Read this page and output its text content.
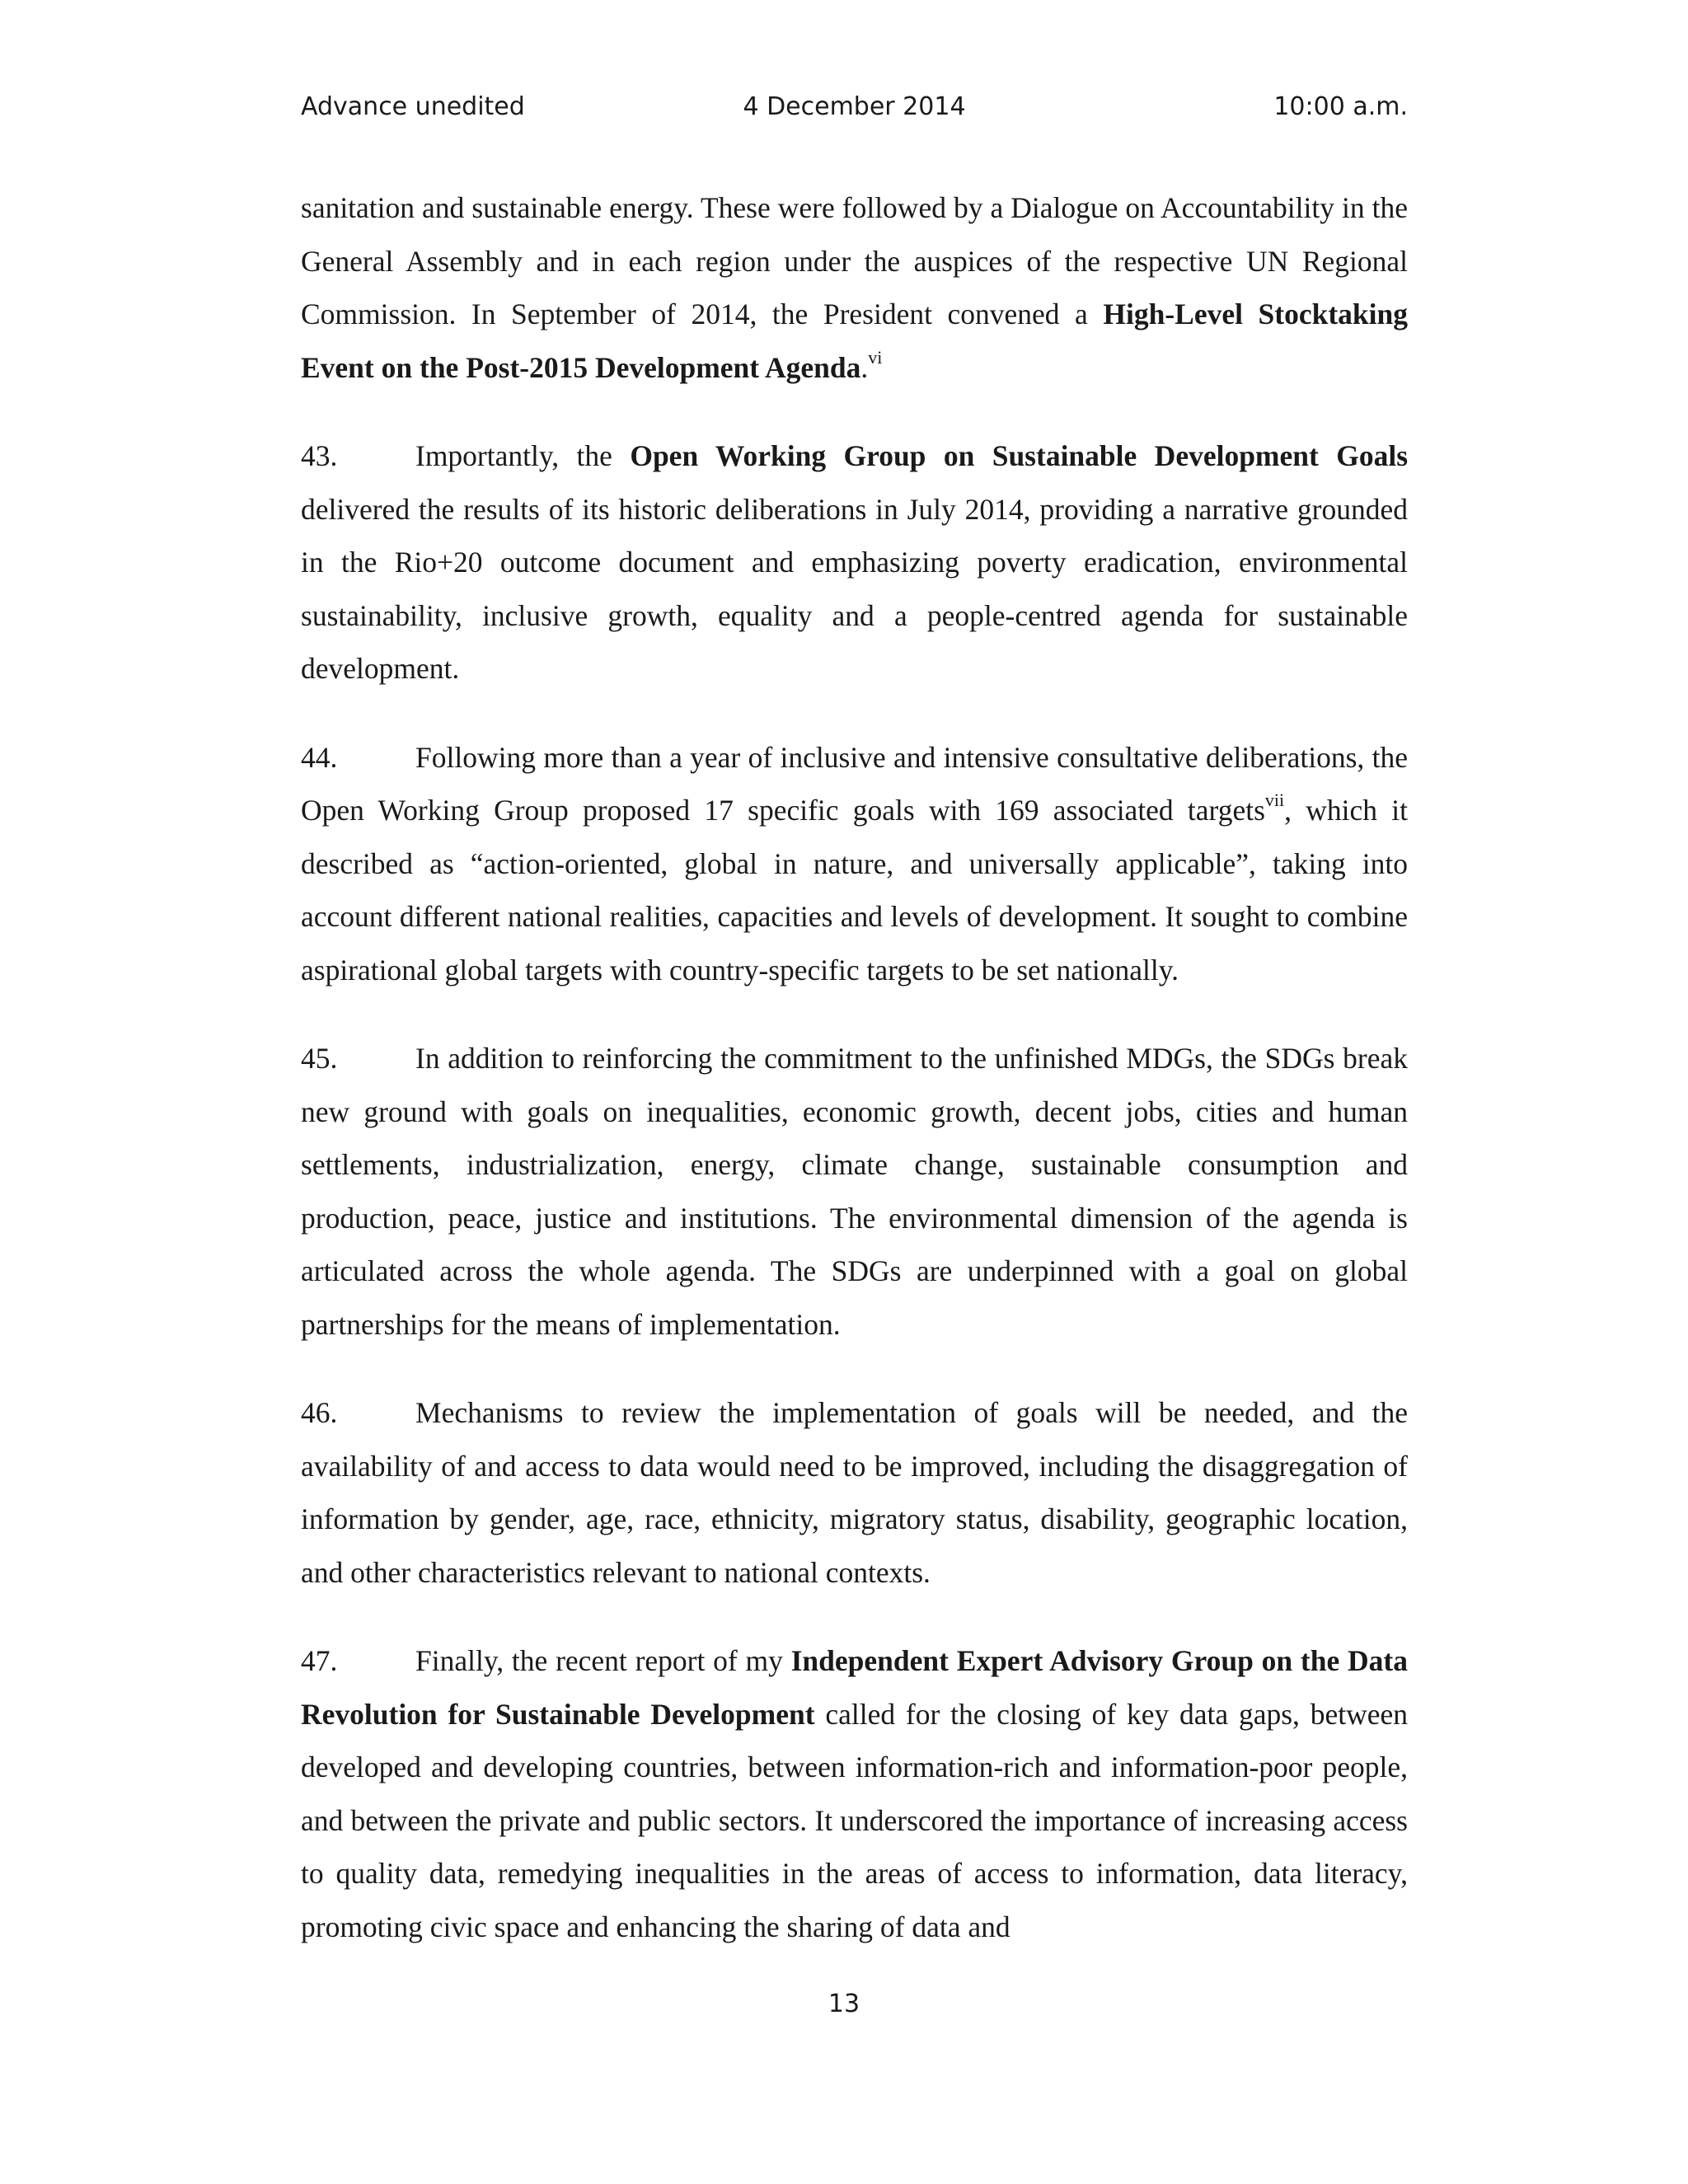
Advance unedited	4 December 2014	10:00 a.m.

sanitation and sustainable energy. These were followed by a Dialogue on Accountability in the General Assembly and in each region under the auspices of the respective UN Regional Commission. In September of 2014, the President convened a High-Level Stocktaking Event on the Post-2015 Development Agenda.$^{vi}$

43.	Importantly, the Open Working Group on Sustainable Development Goals delivered the results of its historic deliberations in July 2014, providing a narrative grounded in the Rio+20 outcome document and emphasizing poverty eradication, environmental sustainability, inclusive growth, equality and a people-centred agenda for sustainable development.

44.	Following more than a year of inclusive and intensive consultative deliberations, the Open Working Group proposed 17 specific goals with 169 associated targets$^{vii}$, which it described as “action-oriented, global in nature, and universally applicable”, taking into account different national realities, capacities and levels of development. It sought to combine aspirational global targets with country-specific targets to be set nationally.

45.	In addition to reinforcing the commitment to the unfinished MDGs, the SDGs break new ground with goals on inequalities, economic growth, decent jobs, cities and human settlements, industrialization, energy, climate change, sustainable consumption and production, peace, justice and institutions. The environmental dimension of the agenda is articulated across the whole agenda. The SDGs are underpinned with a goal on global partnerships for the means of implementation.

46.	Mechanisms to review the implementation of goals will be needed, and the availability of and access to data would need to be improved, including the disaggregation of information by gender, age, race, ethnicity, migratory status, disability, geographic location, and other characteristics relevant to national contexts.

47.	Finally, the recent report of my Independent Expert Advisory Group on the Data Revolution for Sustainable Development called for the closing of key data gaps, between developed and developing countries, between information-rich and information-poor people, and between the private and public sectors. It underscored the importance of increasing access to quality data, remedying inequalities in the areas of access to information, data literacy, promoting civic space and enhancing the sharing of data and

13
